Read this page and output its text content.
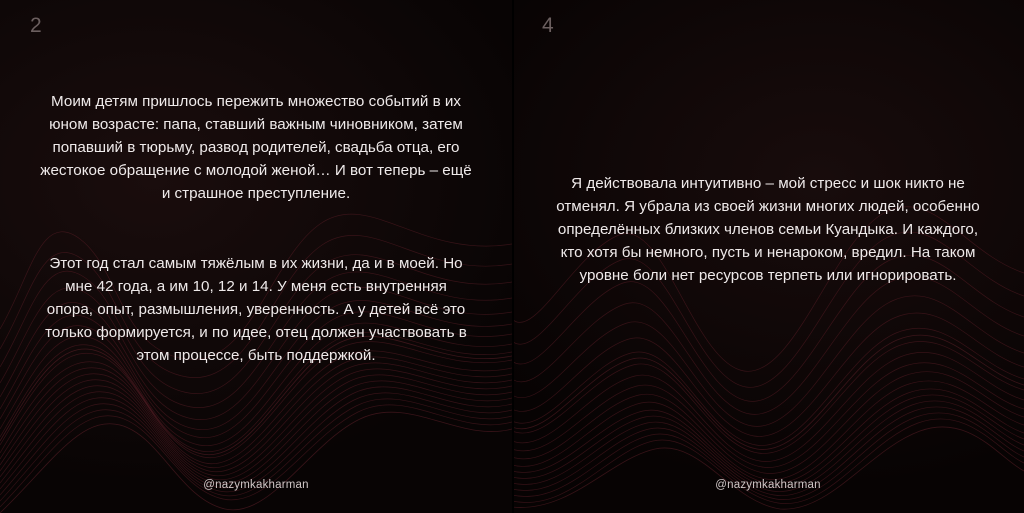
2
Моим детям пришлось пережить множество событий в их юном возрасте: папа, ставший важным чиновником, затем попавший в тюрьму, развод родителей, свадьба отца, его жестокое обращение с молодой женой… И вот теперь – ещё и страшное преступление.
Этот год стал самым тяжёлым в их жизни, да и в моей. Но мне 42 года, а им 10, 12 и 14. У меня есть внутренняя опора, опыт, размышления, уверенность. А у детей всё это только формируется, и по идее, отец должен участвовать в этом процессе, быть поддержкой.
@nazymkakharman
4
Я действовала интуитивно – мой стресс и шок никто не отменял. Я убрала из своей жизни многих людей, особенно определённых близких членов семьи Куандыка. И каждого, кто хотя бы немного, пусть и ненароком, вредил. На таком уровне боли нет ресурсов терпеть или игнорировать.
@nazymkakharman
